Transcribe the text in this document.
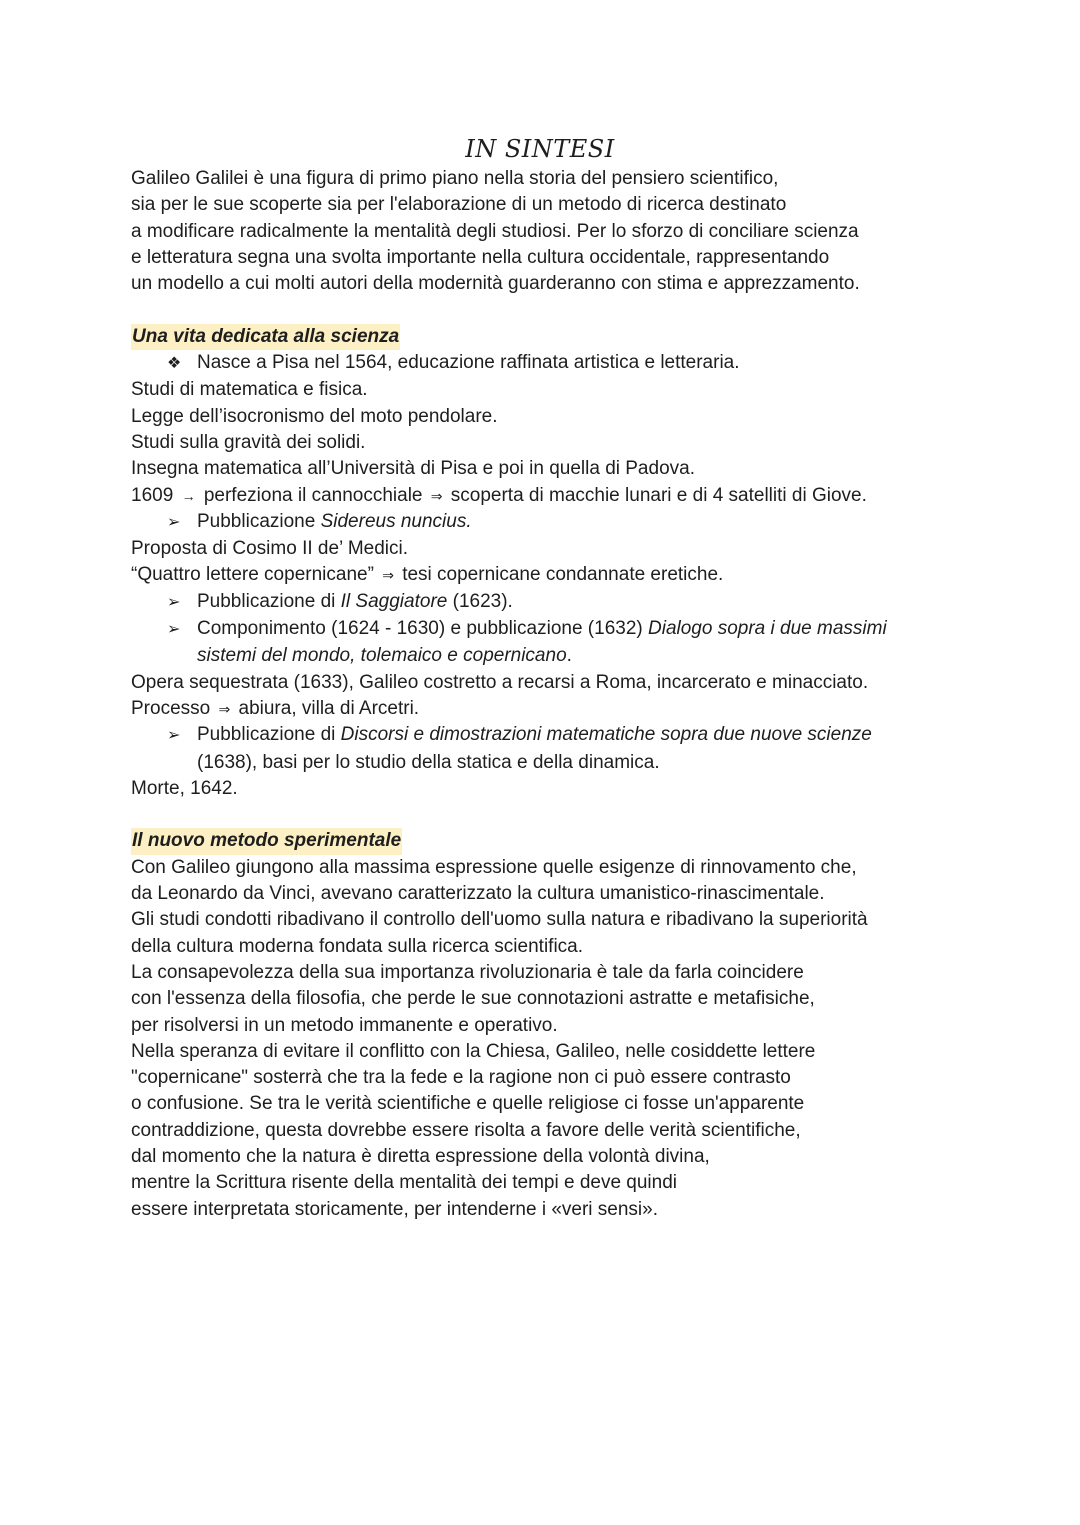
IN SINTESI

Galileo Galilei è una figura di primo piano nella storia del pensiero scientifico,

sia per le sue scoperte sia per l'elaborazione di un metodo di ricerca destinato

a modificare radicalmente la mentalità degli studiosi. Per lo sforzo di conciliare scienza

e letteratura segna una svolta importante nella cultura occidentale, rappresentando

un modello a cui molti autori della modernità guarderanno con stima e apprezzamento.

Una vita dedicata alla scienza

❖ Nasce a Pisa nel 1564, educazione raffinata artistica e letteraria.

Studi di matematica e fisica.

Legge dell’isocronismo del moto pendolare.

Studi sulla gravità dei solidi.

Insegna matematica all’Università di Pisa e poi in quella di Padova.

1609 → perfeziona il cannocchiale ⇒ scoperta di macchie lunari e di 4 satelliti di Giove.

➢ Pubblicazione Sidereus nuncius.

Proposta di Cosimo II de’ Medici.

“Quattro lettere copernicane” ⇒ tesi copernicane condannate eretiche.

➢ Pubblicazione di Il Saggiatore (1623).

➢ Componimento (1624 - 1630) e pubblicazione (1632) Dialogo sopra i due massimi

sistemi del mondo, tolemaico e copernicano.

Opera sequestrata (1633), Galileo costretto a recarsi a Roma, incarcerato e minacciato.

Processo ⇒ abiura, villa di Arcetri.

➢ Pubblicazione di Discorsi e dimostrazioni matematiche sopra due nuove scienze

(1638), basi per lo studio della statica e della dinamica.

Morte, 1642.

Il nuovo metodo sperimentale

Con Galileo giungono alla massima espressione quelle esigenze di rinnovamento che,

da Leonardo da Vinci, avevano caratterizzato la cultura umanistico-rinascimentale.

Gli studi condotti ribadivano il controllo dell'uomo sulla natura e ribadivano la superiorità

della cultura moderna fondata sulla ricerca scientifica.

La consapevolezza della sua importanza rivoluzionaria è tale da farla coincidere

con l'essenza della filosofia, che perde le sue connotazioni astratte e metafisiche,

per risolversi in un metodo immanente e operativo.

Nella speranza di evitare il conflitto con la Chiesa, Galileo, nelle cosiddette lettere

"copernicane" sosterrà che tra la fede e la ragione non ci può essere contrasto

o confusione. Se tra le verità scientifiche e quelle religiose ci fosse un'apparente

contraddizione, questa dovrebbe essere risolta a favore delle verità scientifiche,

dal momento che la natura è diretta espressione della volontà divina,

mentre la Scrittura risente della mentalità dei tempi e deve quindi

essere interpretata storicamente, per intenderne i «veri sensi».
